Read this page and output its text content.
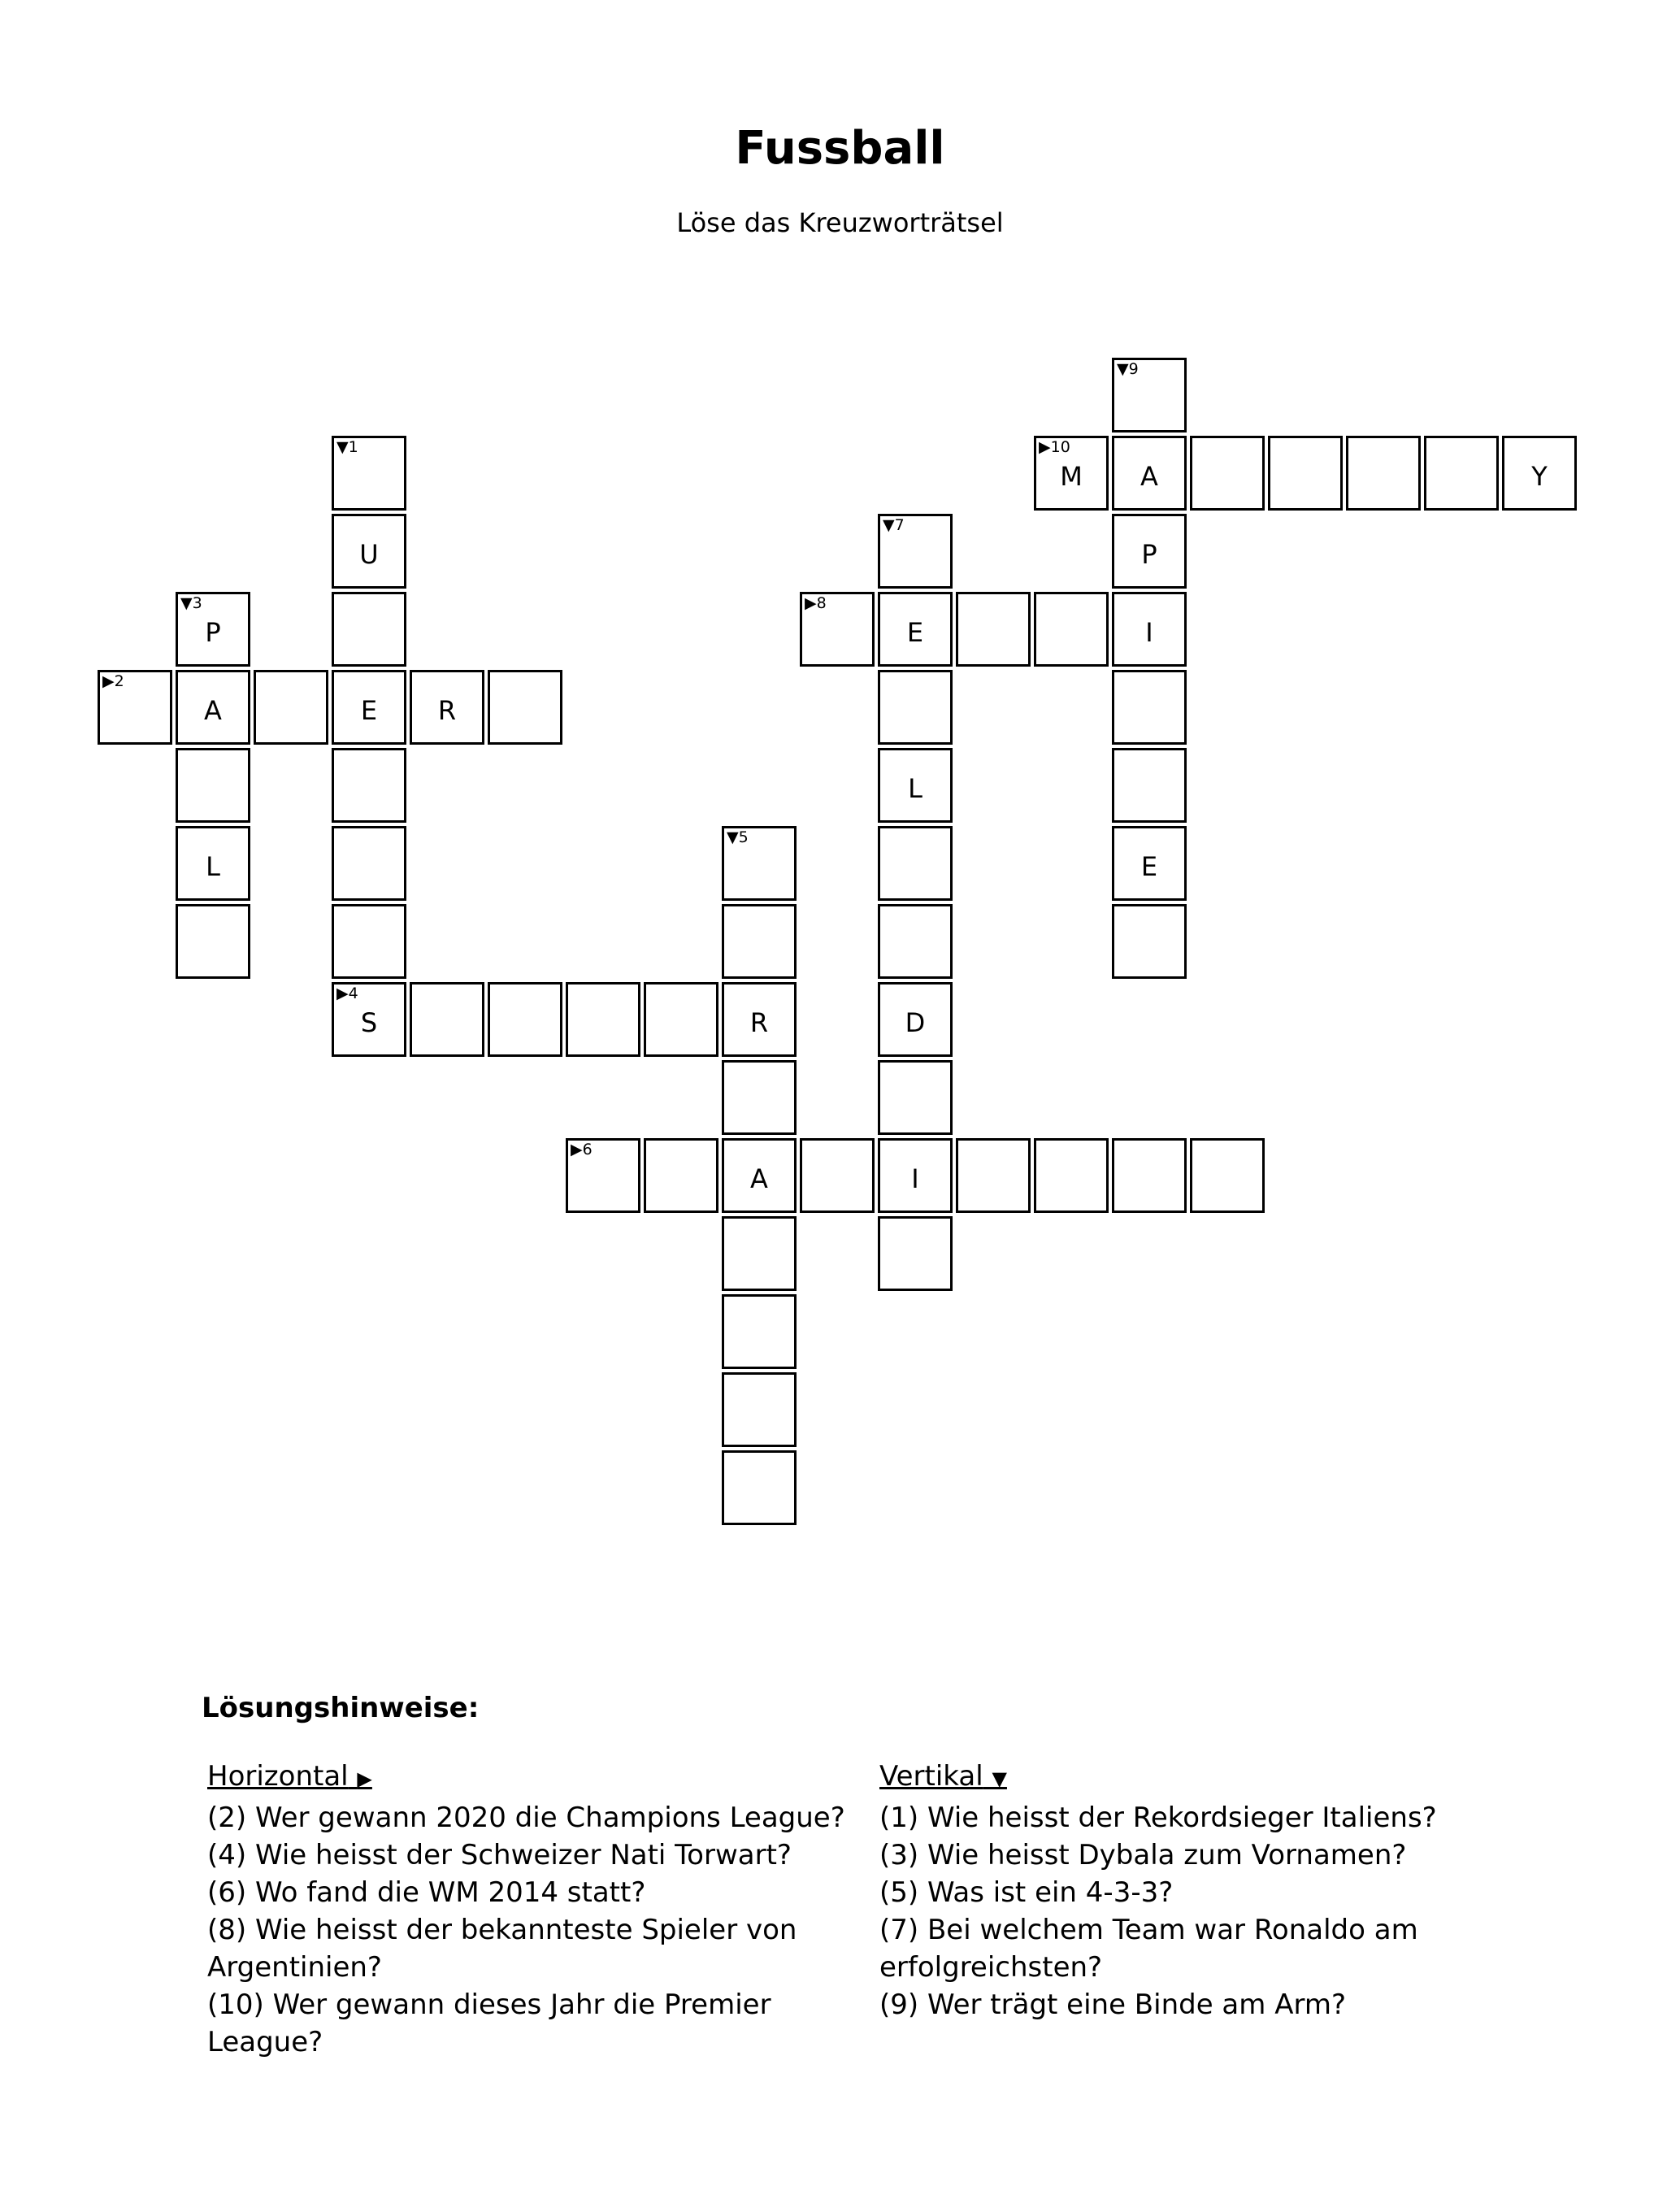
Fussball
Löse das Kreuzworträtsel
▼1
U
E
▶2
A	R
▼3
P
L
▶4
S	R
▼5
A
▶6
I
▼7
E
L
D
▶8
I
▼9
A
P
E
▶10
M	Y
Lösungshinweise:
Horizontal ▶

(2) Wer gewann 2020 die Champions League?

(4) Wie heisst der Schweizer Nati Torwart?

(6) Wo fand die WM 2014 statt?

(8) Wie heisst der bekannteste Spieler von Argentinien?

(10) Wer gewann dieses Jahr die Premier League?

Vertikal ▼

(1) Wie heisst der Rekordsieger Italiens?

(3) Wie heisst Dybala zum Vornamen?

(5) Was ist ein 4-3-3?

(7) Bei welchem Team war Ronaldo am erfolgreichsten?

(9) Wer trägt eine Binde am Arm?
